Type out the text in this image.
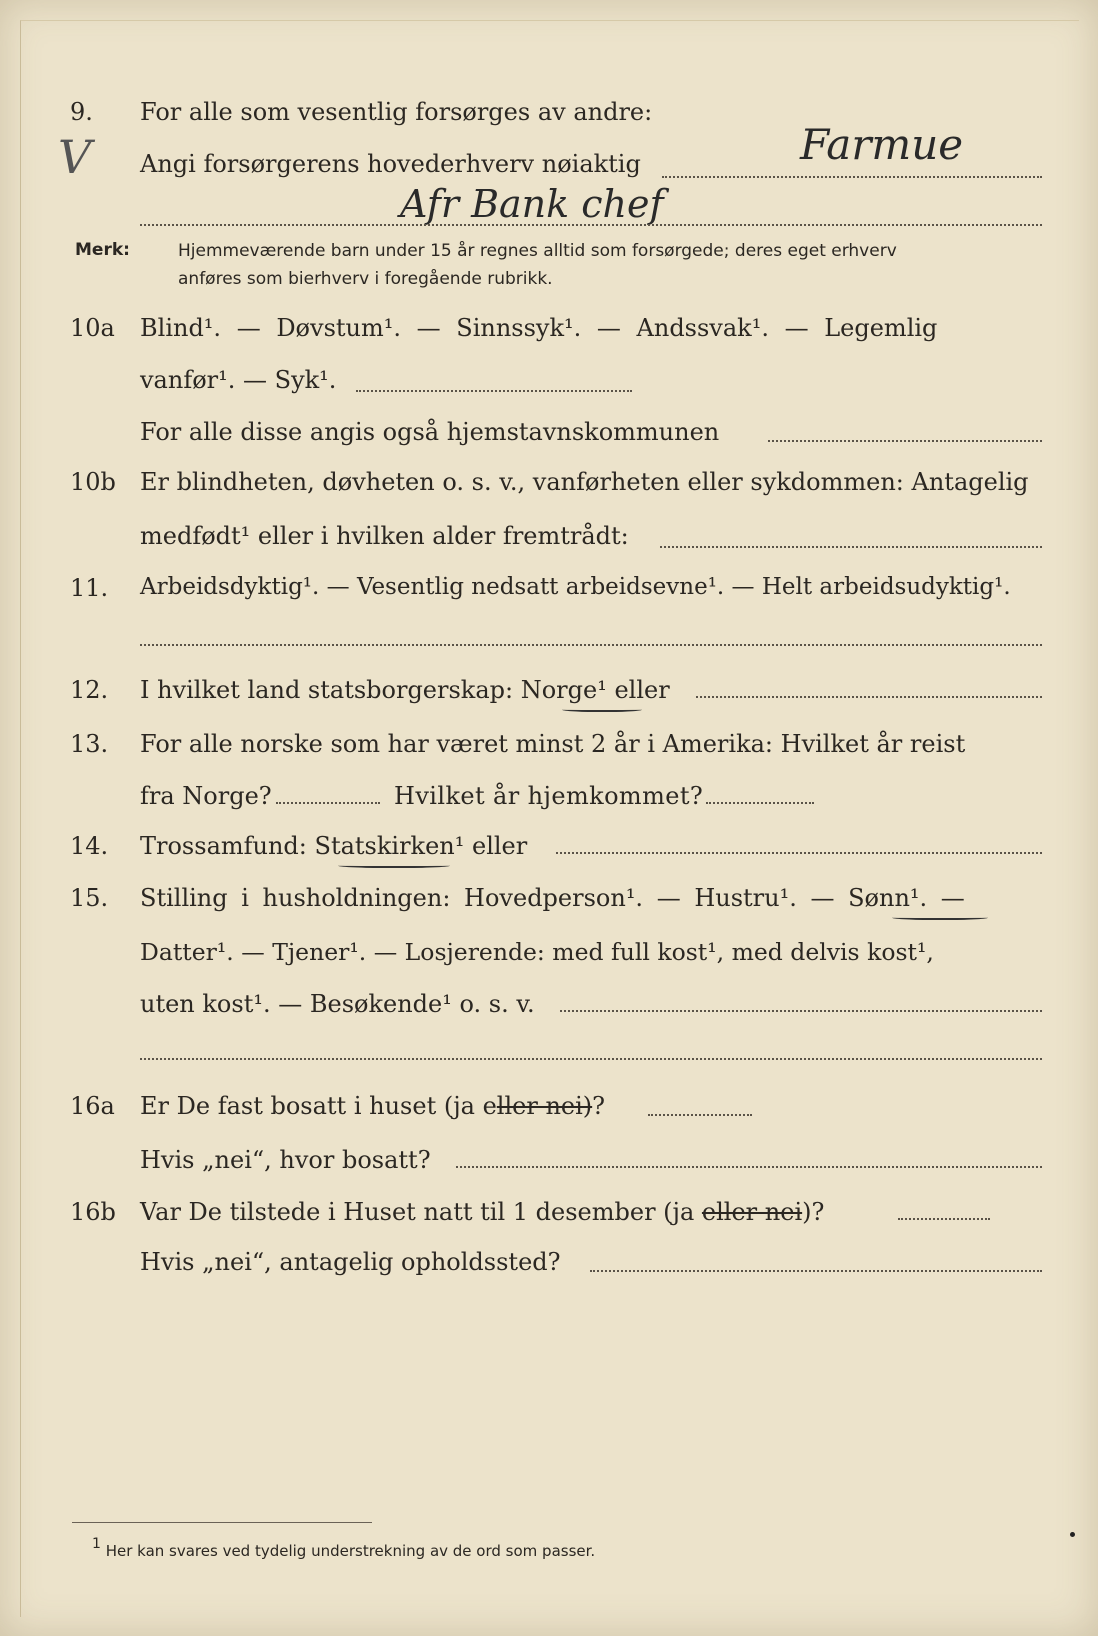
V
9. For alle som vesentlig forsørges av andre:
Farmue
Angi forsørgerens hovederhverv nøiaktig
Afr Bank chef
Merk:	Hjemmeværende barn under 15 år regnes alltid som forsørgede; deres eget erhverv
anføres som bierhverv i foregående rubrikk.
10a Blind¹. — Døvstum¹. — Sinnssyk¹. — Andssvak¹. — Legemlig
vanfør¹. — Syk¹.
For alle disse angis også hjemstavnskommunen
10b Er blindheten, døvheten o. s. v., vanførheten eller sykdommen: Antagelig
medfødt¹ eller i hvilken alder fremtrådt:
11. Arbeidsdyktig¹. — Vesentlig nedsatt arbeidsevne¹. — Helt arbeidsudyktig¹.
12. I hvilket land statsborgerskap: Norge¹ eller
13. For alle norske som har været minst 2 år i Amerika: Hvilket år reist
fra Norge?	Hvilket år hjemkommet?
14. Trossamfund: Statskirken¹ eller
15. Stilling i husholdningen: Hovedperson¹. — Hustru¹. — Sønn¹. —
Datter¹. — Tjener¹. — Losjerende: med full kost¹, med delvis kost¹,
uten kost¹. — Besøkende¹ o. s. v.
16a Er De fast bosatt i huset (ja eller nei)?
Hvis „nei“, hvor bosatt?
16b Var De tilstede i Huset natt til 1 desember (ja eller nei)?
Hvis „nei“, antagelig opholdssted?
1 Her kan svares ved tydelig understrekning av de ord som passer.
